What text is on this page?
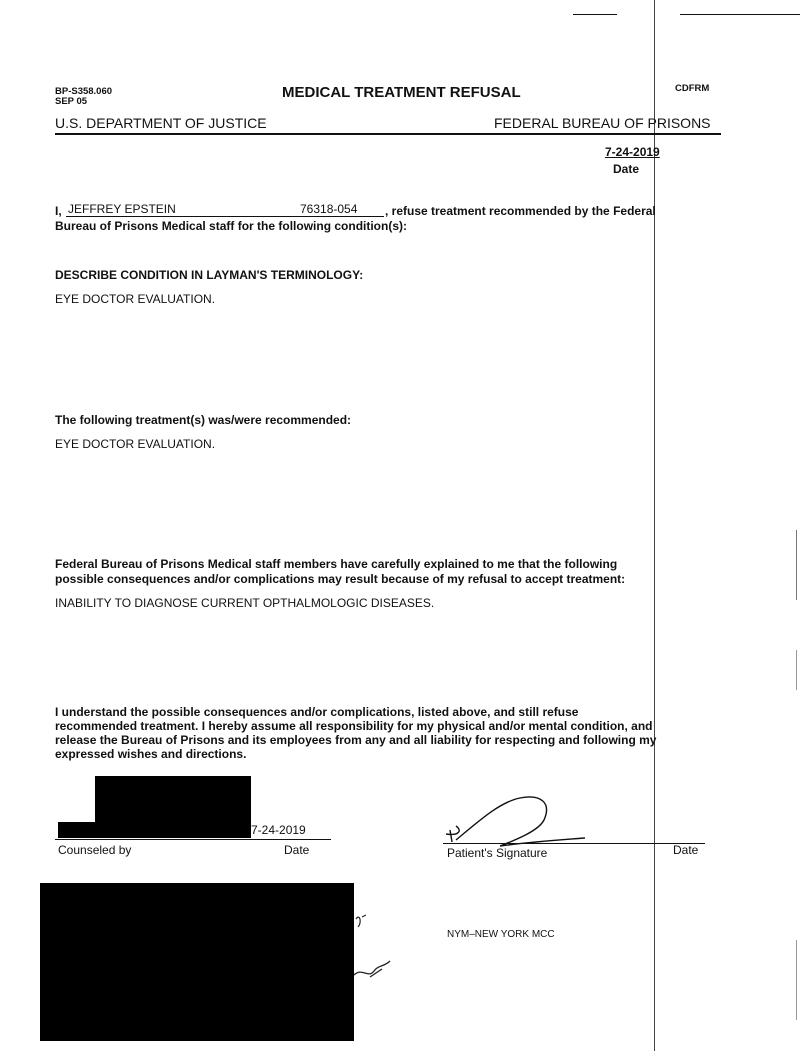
BP-S358.060
SEP 05
MEDICAL TREATMENT REFUSAL	CDFRM
U.S. DEPARTMENT OF JUSTICE	FEDERAL BUREAU OF PRISONS
7-24-2019
Date
I, JEFFREY EPSTEIN	76318-054 , refuse treatment recommended by the Federal
Bureau of Prisons Medical staff for the following condition(s):
DESCRIBE CONDITION IN LAYMAN'S TERMINOLOGY:
EYE DOCTOR EVALUATION.
The following treatment(s) was/were recommended:
EYE DOCTOR EVALUATION.
Federal Bureau of Prisons Medical staff members have carefully explained to me that the following
possible consequences and/or complications may result because of my refusal to accept treatment:
INABILITY TO DIAGNOSE CURRENT OPTHALMOLOGIC DISEASES.
I understand the possible consequences and/or complications, listed above, and still refuse
recommended treatment. I hereby assume all responsibility for my physical and/or mental condition, and
release the Bureau of Prisons and its employees from any and all liability for respecting and following my
expressed wishes and directions.
7-24-2019
Counseled by	Date	Patient's Signature	Date
NYM–NEW YORK MCC
